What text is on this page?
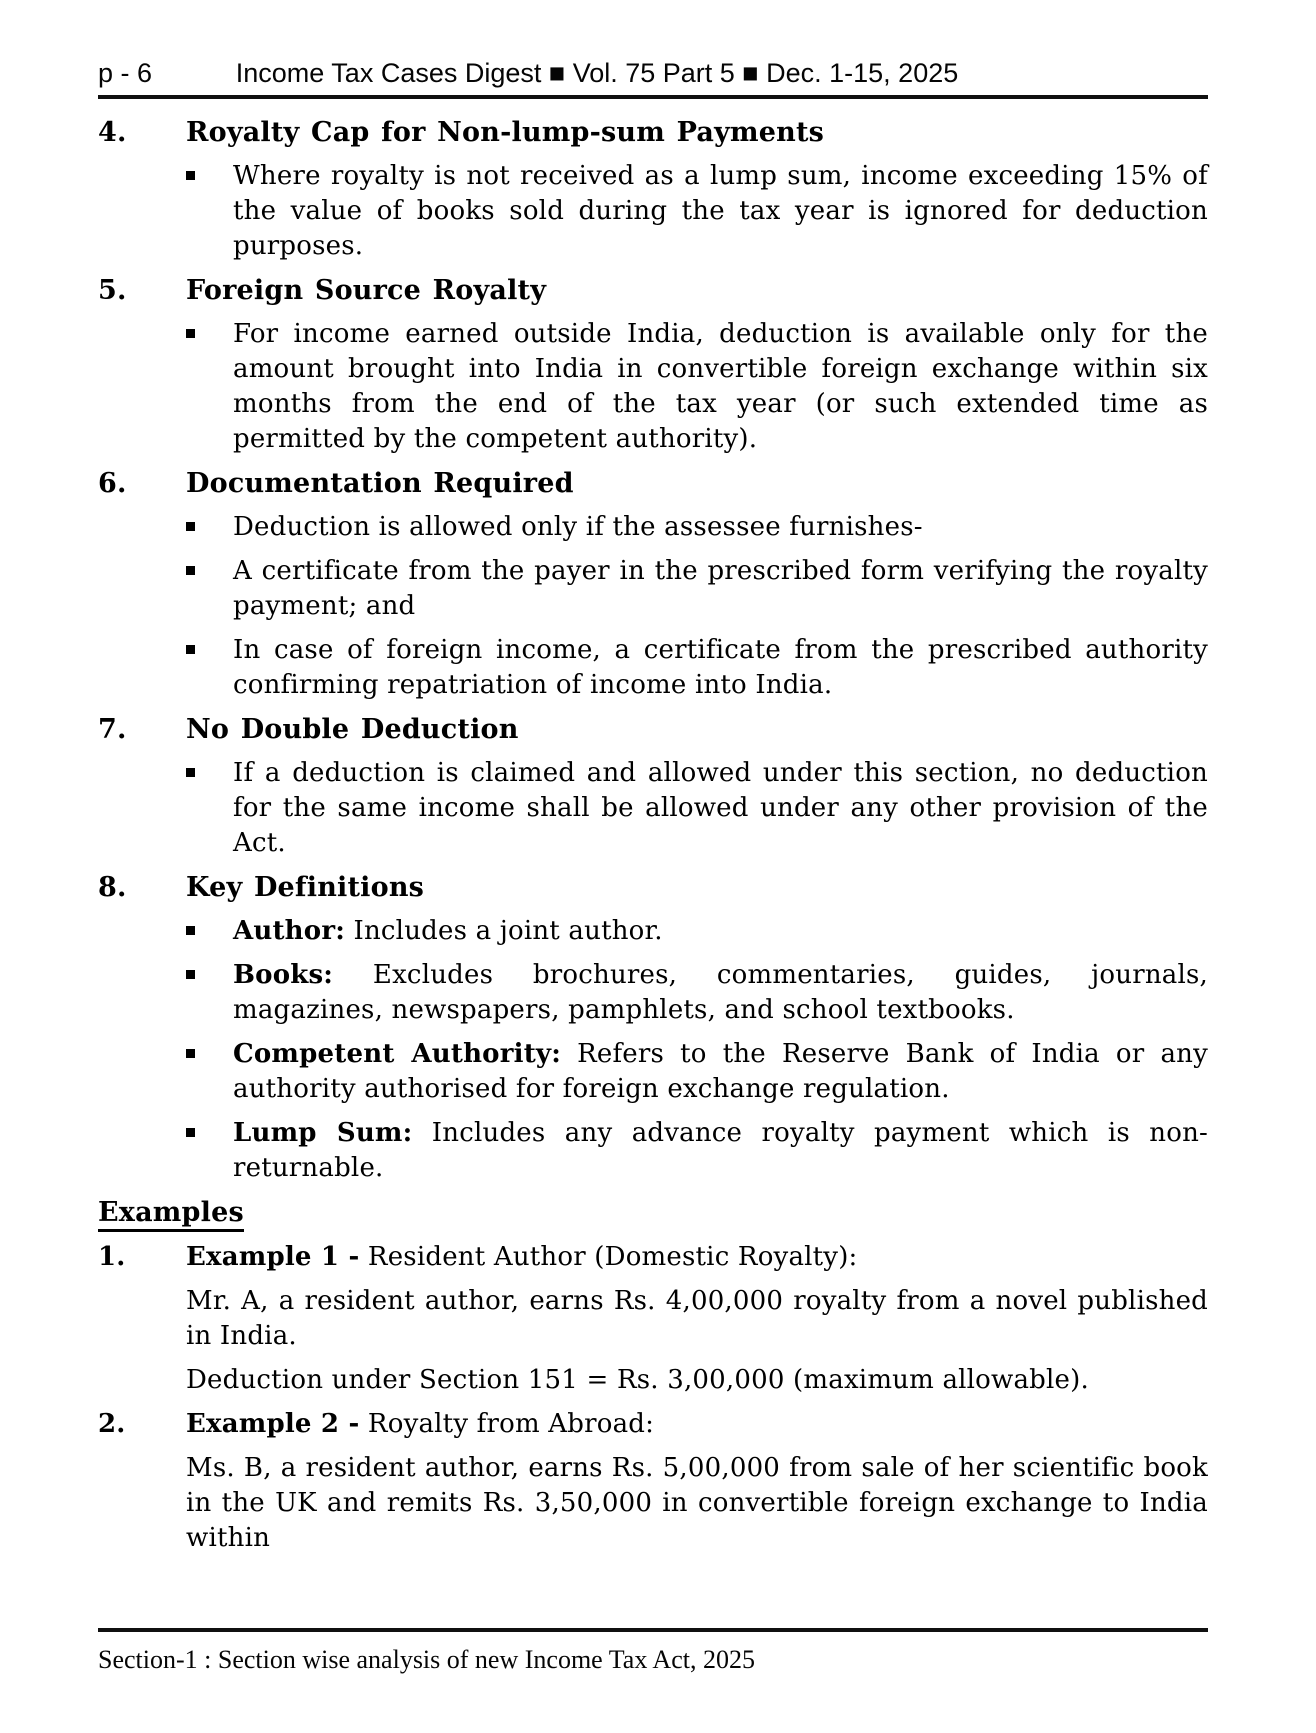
p - 6	Income Tax Cases Digest ■ Vol. 75 Part 5 ■ Dec. 1-15, 2025
4.	Royalty Cap for Non-lump-sum Payments

Where royalty is not received as a lump sum, income exceeding 15% of the value of books sold during the tax year is ignored for deduction purposes.

5.	Foreign Source Royalty

For income earned outside India, deduction is available only for the amount brought into India in convertible foreign exchange within six months from the end of the tax year (or such extended time as permitted by the competent authority).

6.	Documentation Required

Deduction is allowed only if the assessee furnishes-

A certificate from the payer in the prescribed form verifying the royalty payment; and

In case of foreign income, a certificate from the prescribed authority confirming repatriation of income into India.

7.	No Double Deduction

If a deduction is claimed and allowed under this section, no deduction for the same income shall be allowed under any other provision of the Act.

8.	Key Definitions

Author: Includes a joint author.

Books: Excludes brochures, commentaries, guides, journals, magazines, newspapers, pamphlets, and school textbooks.

Competent Authority: Refers to the Reserve Bank of India or any authority authorised for foreign exchange regulation.

Lump Sum: Includes any advance royalty payment which is non-returnable.

Examples
1.	Example 1 - Resident Author (Domestic Royalty):

Mr. A, a resident author, earns Rs. 4,00,000 royalty from a novel published in India.

Deduction under Section 151 = Rs. 3,00,000 (maximum allowable).

2.	Example 2 - Royalty from Abroad:

Ms. B, a resident author, earns Rs. 5,00,000 from sale of her scientific book in the UK and remits Rs. 3,50,000 in convertible foreign exchange to India within

Section-1 : Section wise analysis of new Income Tax Act, 2025
